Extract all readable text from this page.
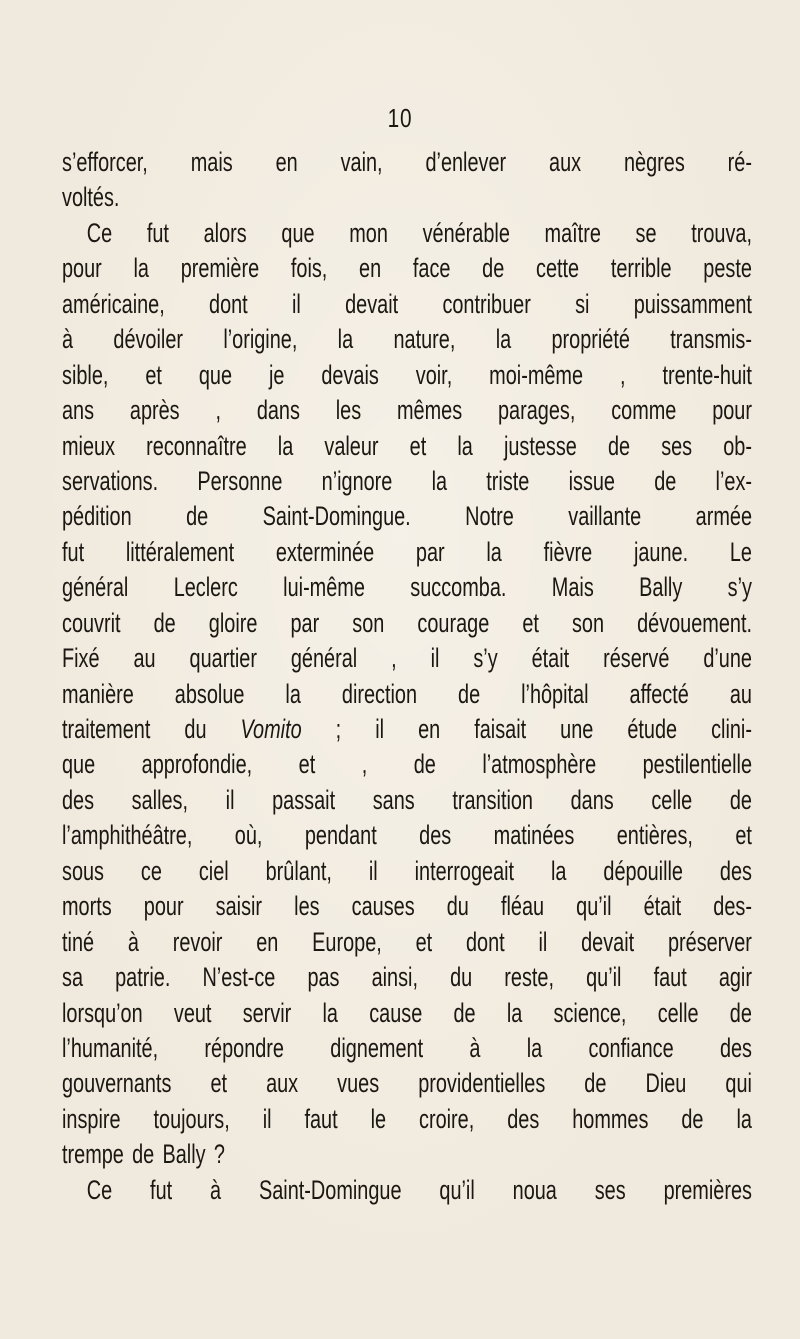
10
s’efforcer, mais en vain, d’enlever aux nègres ré-
voltés.
Ce fut alors que mon vénérable maître se trouva,
pour la première fois, en face de cette terrible peste
américaine, dont il devait contribuer si puissamment
à dévoiler l’origine, la nature, la propriété transmis-
sible, et que je devais voir, moi-même , trente-huit
ans après , dans les mêmes parages, comme pour
mieux reconnaître la valeur et la justesse de ses ob-
servations. Personne n’ignore la triste issue de l’ex-
pédition de Saint-Domingue. Notre vaillante armée
fut littéralement exterminée par la fièvre jaune. Le
général Leclerc lui-même succomba. Mais Bally s’y
couvrit de gloire par son courage et son dévouement.
Fixé au quartier général , il s’y était réservé d’une
manière absolue la direction de l’hôpital affecté au
traitement du Vomito ; il en faisait une étude clini-
que approfondie, et , de l’atmosphère pestilentielle
des salles, il passait sans transition dans celle de
l’amphithéâtre, où, pendant des matinées entières, et
sous ce ciel brûlant, il interrogeait la dépouille des
morts pour saisir les causes du fléau qu’il était des-
tiné à revoir en Europe, et dont il devait préserver
sa patrie. N’est-ce pas ainsi, du reste, qu’il faut agir
lorsqu’on veut servir la cause de la science, celle de
l’humanité, répondre dignement à la confiance des
gouvernants et aux vues providentielles de Dieu qui
inspire toujours, il faut le croire, des hommes de la
trempe de Bally ?
Ce fut à Saint-Domingue qu’il noua ses premières
